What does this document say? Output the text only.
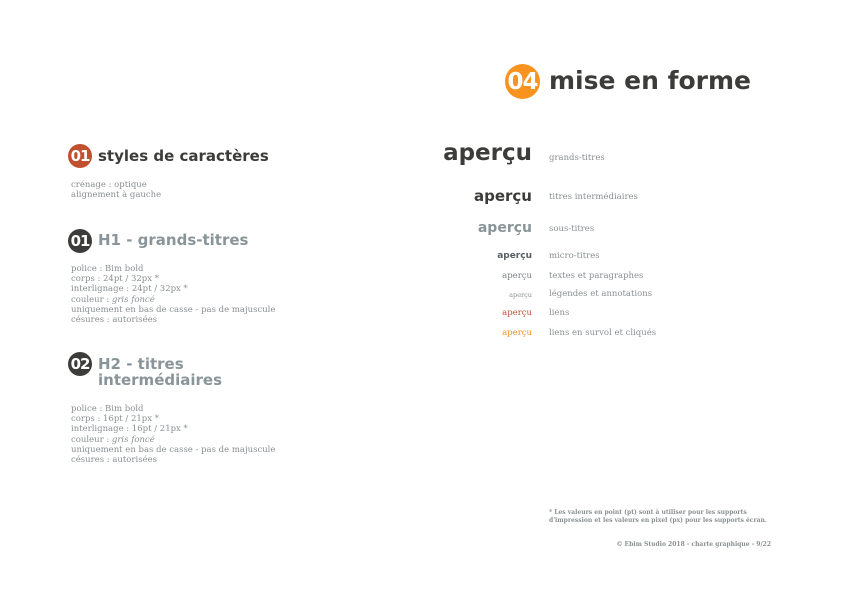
04 mise en forme
01 styles de caractères
crénage : optique
alignement à gauche
01 H1 - grands-titres
police : Bim bold
corps : 24pt / 32px *
interlignage : 24pt / 32px *
couleur : gris foncé
uniquement en bas de casse - pas de majuscule
césures : autorisées
02 H2 - titres
intermédiaires
police : Bim bold
corps : 16pt / 21px *
interlignage : 16pt / 21px *
couleur : gris foncé
uniquement en bas de casse - pas de majuscule
césures : autorisées
aperçu grands-titres
aperçu titres intermédiaires
aperçu sous-titres
aperçu micro-titres
aperçu textes et paragraphes
aperçu légendes et annotations
aperçu liens
aperçu liens en survol et cliqués
* Les valeurs en point (pt) sont à utiliser pour les supports
d'impression et les valeurs en pixel (px) pour les supports écran.
© Ebim Studio 2018 - charte graphique - 9/22
